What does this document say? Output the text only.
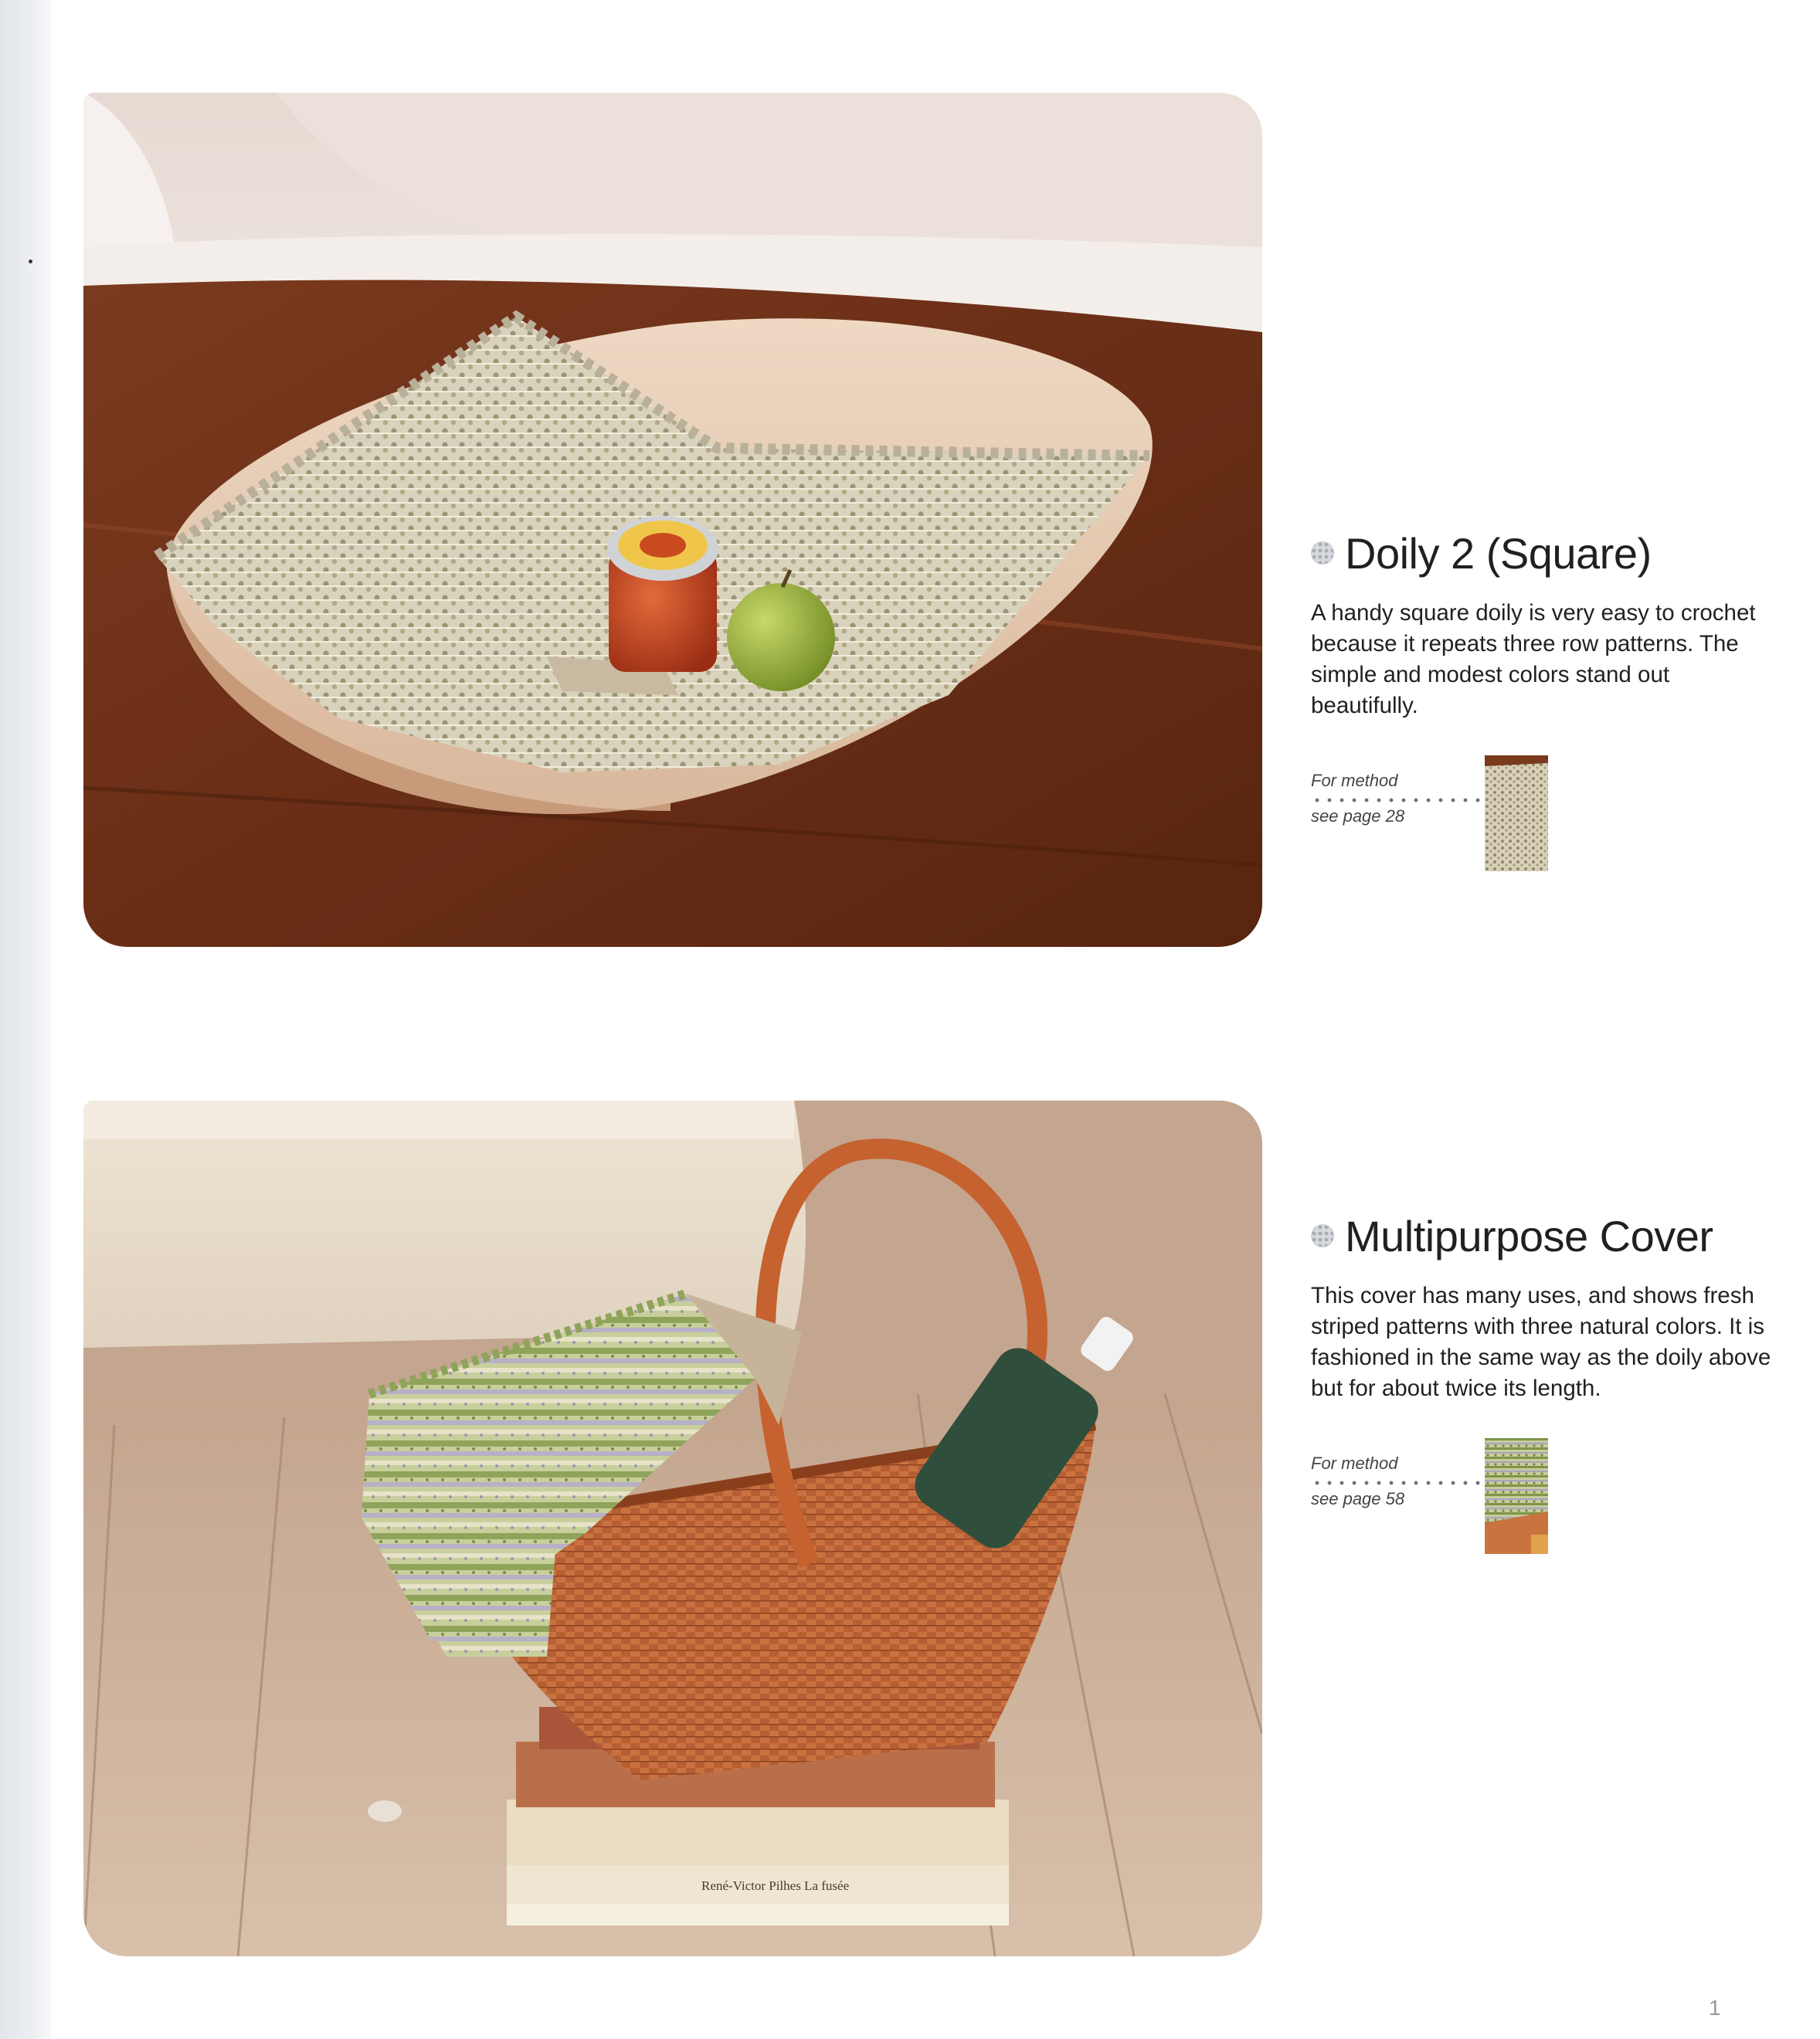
Doily 2 (Square)
A handy square doily is very easy to crochet because it repeats three row patterns. The simple and modest colors stand out beautifully.
For method
see page 28
René-Victor Pilhes La fusée
Multipurpose Cover
This cover has many uses, and shows fresh striped patterns with three natural colors. It is fashioned in the same way as the doily above but for about twice its length.
For method
see page 58
1
